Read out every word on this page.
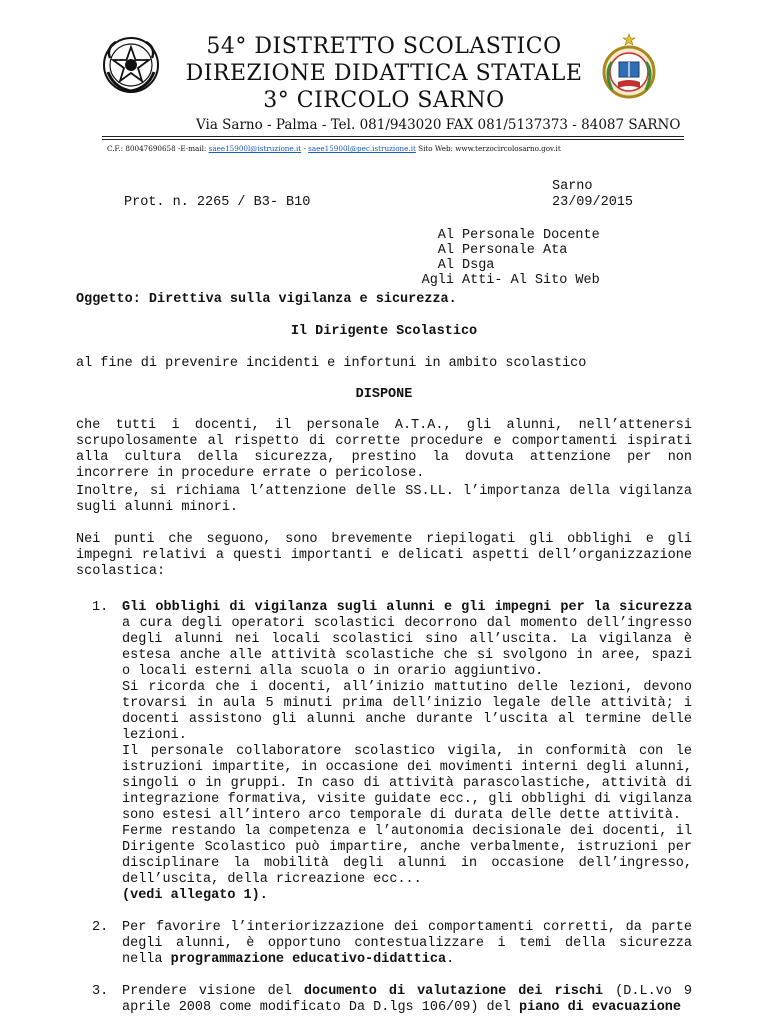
54° DISTRETTO SCOLASTICO
DIREZIONE DIDATTICA STATALE
3° CIRCOLO SARNO
Via Sarno - Palma - Tel. 081/943020 FAX 081/5137373 - 84087 SARNO
C.F.: 80047690658 -E-mail: saee15900l@istruzione.it - saee15900l@pec.istruzione.it Sito Web: www.terzocircolosarno.gov.it
Prot. n. 2265 / B3- B10
Sarno
23/09/2015
Al Personale Docente
Al Personale Ata
Al Dsga
Agli Atti- Al Sito Web
Oggetto: Direttiva sulla vigilanza e sicurezza.
Il Dirigente Scolastico
al fine di prevenire incidenti e infortuni in ambito scolastico
DISPONE
che tutti i docenti, il personale A.T.A., gli alunni, nell’attenersi scrupolosamente al rispetto di corrette procedure e comportamenti ispirati alla cultura della sicurezza, prestino la dovuta attenzione per non incorrere in procedure errate o pericolose.
Inoltre, si richiama l’attenzione delle SS.LL. l’importanza della vigilanza sugli alunni minori.
Nei punti che seguono, sono brevemente riepilogati gli obblighi e gli impegni relativi a questi importanti e delicati aspetti dell’organizzazione scolastica:
1. Gli obblighi di vigilanza sugli alunni e gli impegni per la sicurezza a cura degli operatori scolastici decorrono dal momento dell’ingresso degli alunni nei locali scolastici sino all’uscita. La vigilanza è estesa anche alle attività scolastiche che si svolgono in aree, spazi o locali esterni alla scuola o in orario aggiuntivo.
Si ricorda che i docenti, all’inizio mattutino delle lezioni, devono trovarsi in aula 5 minuti prima dell’inizio legale delle attività; i docenti assistono gli alunni anche durante l’uscita al termine delle lezioni.
Il personale collaboratore scolastico vigila, in conformità con le istruzioni impartite, in occasione dei movimenti interni degli alunni, singoli o in gruppi. In caso di attività parascolastiche, attività di integrazione formativa, visite guidate ecc., gli obblighi di vigilanza sono estesi all’intero arco temporale di durata delle dette attività.
Ferme restando la competenza e l’autonomia decisionale dei docenti, il Dirigente Scolastico può impartire, anche verbalmente, istruzioni per disciplinare la mobilità degli alunni in occasione dell’ingresso, dell’uscita, della ricreazione ecc...
(vedi allegato 1).
2. Per favorire l’interiorizzazione dei comportamenti corretti, da parte degli alunni, è opportuno contestualizzare i temi della sicurezza nella programmazione educativo-didattica.
3. Prendere visione del documento di valutazione dei rischi (D.L.vo 9 aprile 2008 come modificato Da D.lgs 106/09) del piano di evacuazione
